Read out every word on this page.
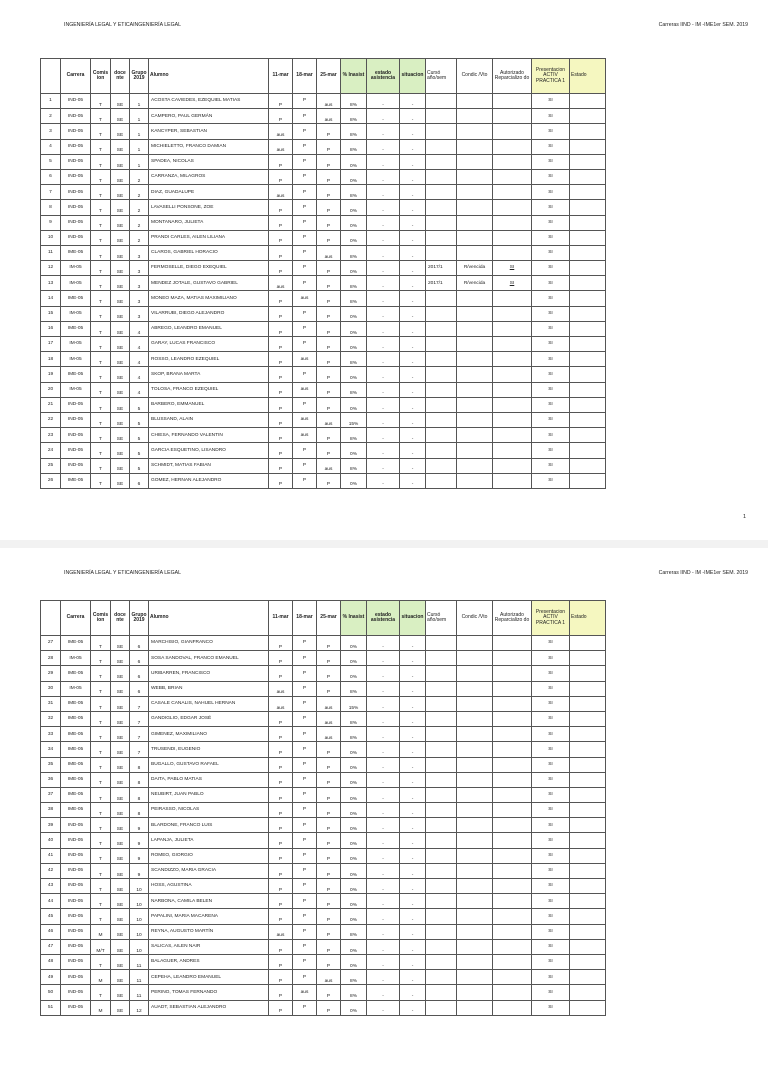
INGENIERÍA LEGAL Y ETICAINGENIERÍA LEGAL	Carreras IIND - IM -IME1er SEM. 2019
	Carrera	Comis ion	doce nte	Grupo 2019	Alumno	11-mar	18-mar	25-mar	% Inasist	estado asistencia	situacion	Cursó año/sem	Condic /Vto	Autorizado Reparcializo do	Presentacion ACTIV PRACTICA 1	Estado
1	IND-05	T	SE	1	ACOSTA CAVIEDES, EZEQUIEL MATIAS	P	P	aus	8%	-	-				SI	
2	IND-05	T	SE	1	CAMPERO, PAUL GERMÁN	P	P	aus	8%	-	-				SI	
3	IND-05	T	SE	1	KANCYPER, SEBASTIAN	aus	P	P	8%	-	-				SI	
4	IND-05	T	SE	1	MICHIELETTO, FRANCO DAMIAN	aus	P	P	8%	-	-				SI	
5	IND-05	T	SE	1	SPADEA, NICOLAS	P	P	P	0%	-	-				SI	
6	IND-05	T	SE	2	CARRANZA, MILAGROS	P	P	P	0%	-	-				SI	
7	IND-05	T	SE	2	DIAZ, GUADALUPE	aus	P	P	8%	-	-				SI	
8	IND-05	T	SE	2	LAVASELLI PONSONE, ZOE	P	P	P	0%	-	-				SI	
9	IND-05	T	SE	2	MONTANARO, JULIETA	P	P	P	0%	-	-				SI	
10	IND-05	T	SE	2	PRANDI CARLES, AILEN LILIANA	P	P	P	0%	-	-				SI	
11	IME-05	T	SE	3	CLAROS, GABRIEL HORACIO	P	P	aus	8%	-	-				SI	
12	IM-05	T	SE	3	FERMOSELLE, DIEGO EXEQUIEL	P	P	P	0%	-	-	2017/1	R/vencida	SI	SI	
13	IM-05	T	SE	3	MENDEZ JOTALE, GUSTAVO GABRIEL	aus	P	P	8%	-	-	2017/1	R/vencida	SI	SI	
14	IME-05	T	SE	3	MONEO MAZA, MATIAS MAXIMILIANO	P	aus	P	8%	-	-				SI	
15	IM-05	T	SE	3	VILARRUBI, DIEGO ALEJANDRO	P	P	P	0%	-	-				SI	
16	IME-05	T	SE	4	ABREGO, LEANDRO EMANUEL	P	P	P	0%	-	-				SI	
17	IM-05	T	SE	4	GARAY, LUCAS FRANCISCO	P	P	P	0%	-	-				SI	
18	IM-05	T	SE	4	ROSSO, LEANDRO EZEQUIEL	P	aus	P	8%	-	-				SI	
19	IME-05	T	SE	4	SKOP, BRANA MARTA	P	P	P	0%	-	-				SI	
20	IM-05	T	SE	4	TOLOSA, FRANCO EZEQUIEL	P	aus	P	8%	-	-				SI	
21	IND-05	T	SE	5	BARBERO, EMMANUEL	P	P	P	0%	-	-				SI	
22	IND-05	T	SE	5	BLUSSAND, ALAIN	P	aus	aus	15%	-	-				SI	
23	IND-05	T	SE	5	CHIESA, FERNANDO VALENTIN	P	aus	P	8%	-	-				SI	
24	IND-05	T	SE	5	GARCIA ESQUETINO, LISANDRO	P	P	P	0%	-	-				SI	
25	IND-05	T	SE	5	SCHMIDT, MATIAS FABIAN	P	P	aus	8%	-	-				SI	
26	IME-05	T	SE	6	GOMEZ, HERNAN ALEJANDRO	P	P	P	0%	-	-				SI	
1
INGENIERÍA LEGAL Y ETICAINGENIERÍA LEGAL	Carreras IIND - IM -IME1er SEM. 2019
	Carrera	Comis ion	doce nte	Grupo 2019	Alumno	11-mar	18-mar	25-mar	% Inasist	estado asistencia	situacion	Cursó año/sem	Condic /Vto	Autorizado Reparcializo do	Presentacion ACTIV PRACTICA 1	Estado
27	IME-05	T	SE	6	MARCHISIO, GIANFRANCO	P	P	P	0%	-	-				SI	
28	IM-05	T	SE	6	SOSA SANDOVAL, FRANCO EMANUEL	P	P	P	0%	-	-				SI	
29	IME-05	T	SE	6	URIBARREN, FRANCISCO	P	P	P	0%	-	-				SI	
30	IM-05	T	SE	6	WEBB, BRIAN	aus	P	P	8%	-	-				SI	
31	IME-05	T	SE	7	CASALE CANALIS, NAHUEL HERNAN	aus	P	aus	15%	-	-				SI	
32	IME-05	T	SE	7	GANDIGLIO, EDGAR JOSÉ	P	P	aus	8%	-	-				SI	
33	IME-05	T	SE	7	GIMENEZ, MAXIMILIANO	P	P	aus	8%	-	-				SI	
34	IME-05	T	SE	7	TRUSENDI, EUGENIO	P	P	P	0%	-	-				SI	
35	IME-05	T	SE	8	BUGALLO, GUSTAVO RAFAEL	P	P	P	0%	-	-				SI	
36	IME-05	T	SE	8	DAITA, PABLO MATIAS	P	P	P	0%	-	-				SI	
37	IME-05	T	SE	8	NEUBIRT, JUAN PABLO	P	P	P	0%	-	-				SI	
38	IME-05	T	SE	8	PEIRASSO, NICOLAS	P	P	P	0%	-	-				SI	
39	IND-05	T	SE	9	BLARDONE, FRANCO LUIS	P	P	P	0%	-	-				SI	
40	IND-05	T	SE	9	LAPANJA, JULIETA	P	P	P	0%	-	-				SI	
41	IND-05	T	SE	9	ROMEO, GIORGIO	P	P	P	0%	-	-				SI	
42	IND-05	T	SE	9	SCANDIZZO, MARIA GRACIA	P	P	P	0%	-	-				SI	
43	IND-05	T	SE	10	HOSS, AGUSTINA	P	P	P	0%	-	-				SI	
44	IND-05	T	SE	10	NARBONA, CAMILA BELEN	P	P	P	0%	-	-				SI	
45	IND-05	T	SE	10	PAPALINI, MARIA MACARENA	P	P	P	0%	-	-				SI	
46	IND-05	M	SE	10	REYNA, AUGUSTO MARTÍN	aus	P	P	8%	-	-				SI	
47	IND-05	M/T	SE	10	SALICAS, AILEN NAIR	P	P	P	0%	-	-				SI	
48	IND-05	T	SE	11	BALAGUER, ANDRES	P	P	P	0%	-	-				SI	
49	IND-05	M	SE	11	CEPEHA, LEANDRO EMANUEL	P	P	aus	8%	-	-				SI	
50	IND-05	T	SE	11	PERINO, TOMAS FERNANDO	P	aus	P	8%	-	-				SI	
51	IND-05	M	SE	12	AUADT, SEBASTIAN ALEJANDRO	P	P	P	0%	-	-				SI	
